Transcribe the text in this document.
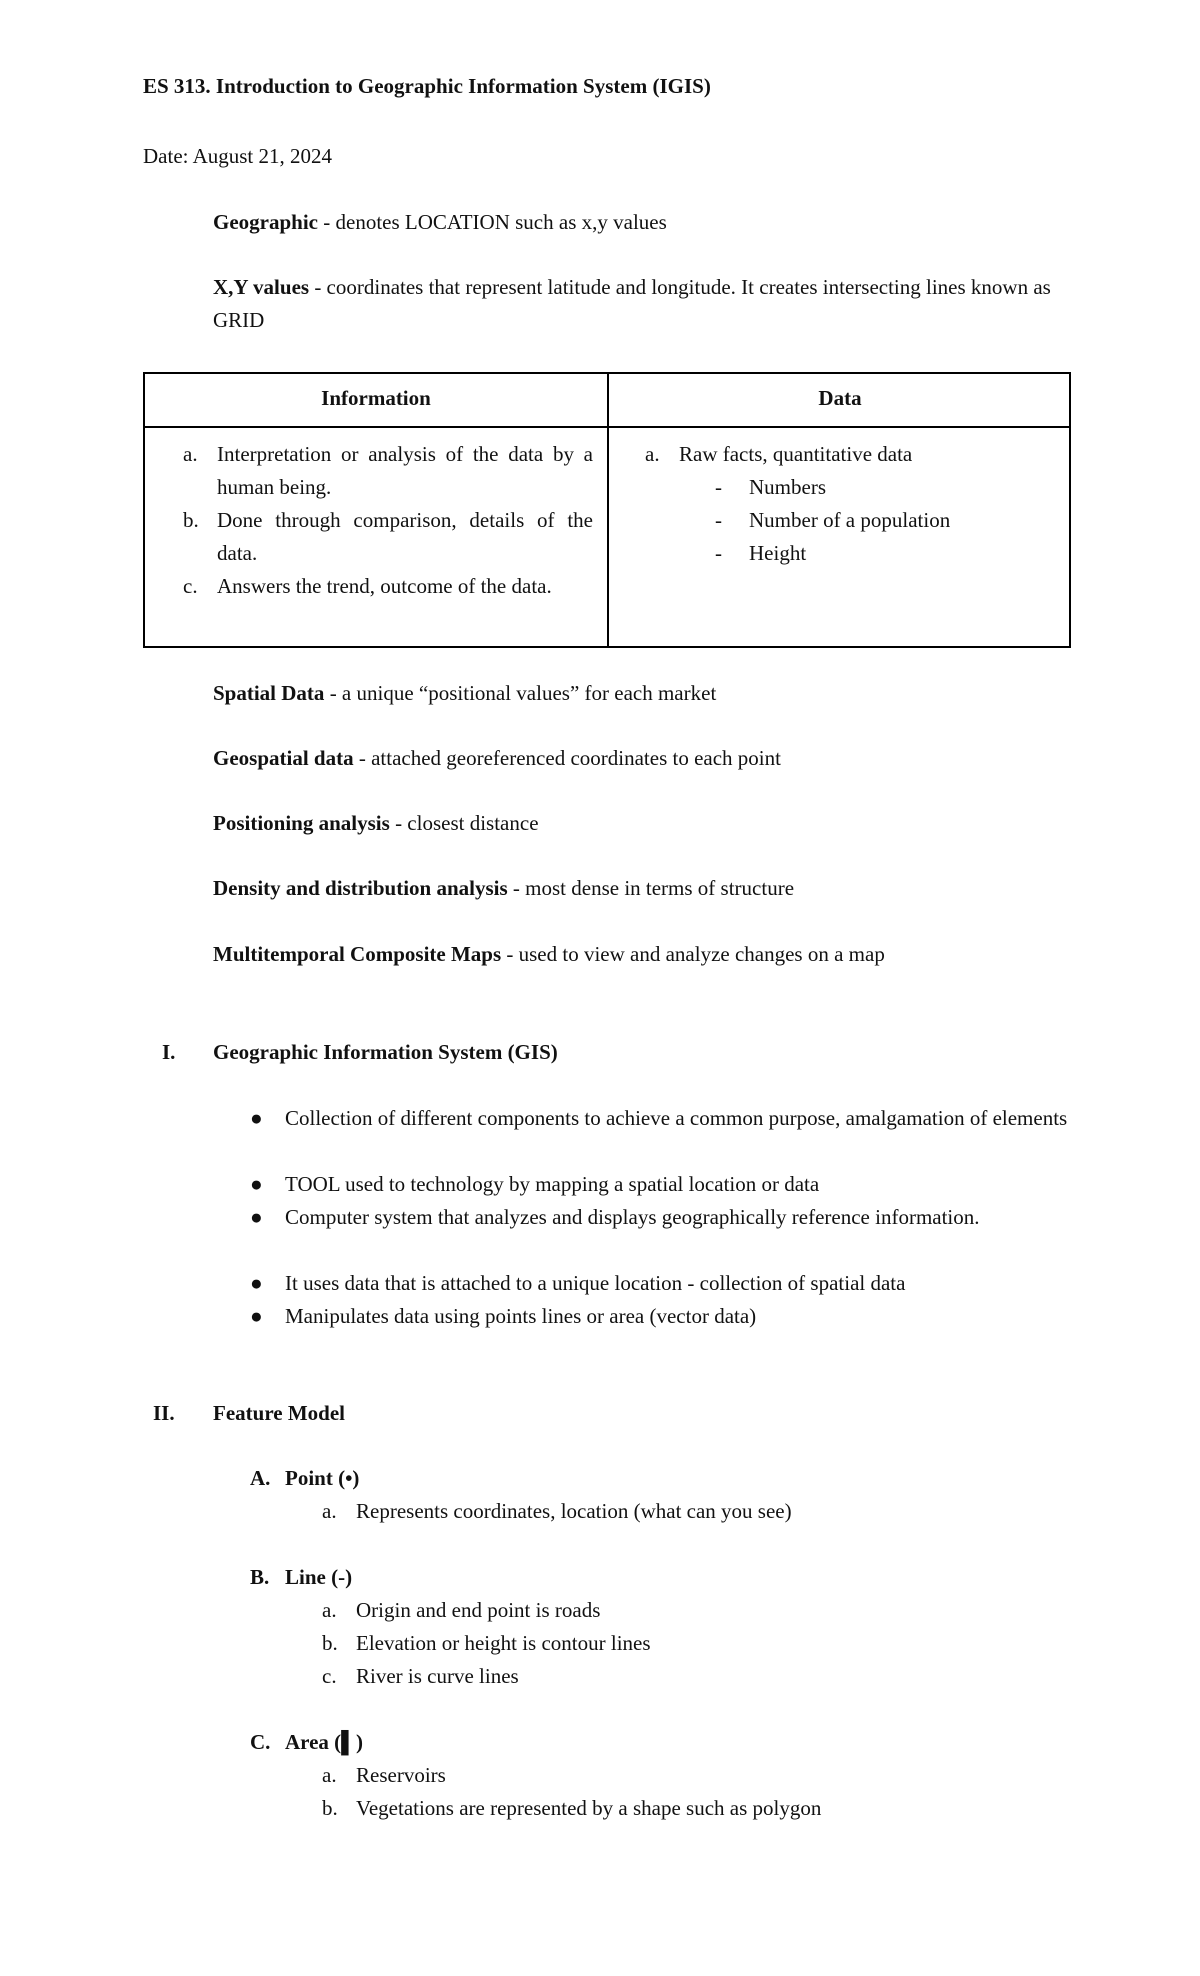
ES 313. Introduction to Geographic Information System (IGIS)
Date: August 21, 2024
Geographic - denotes LOCATION such as x,y values
X,Y values - coordinates that represent latitude and longitude. It creates intersecting lines known as GRID
Information	Data
a. Interpretation or analysis of the data by a human being.
b. Done through comparison, details of the data.
c. Answers the trend, outcome of the data.
a. Raw facts, quantitative data
- Numbers
- Number of a population
- Height
Spatial Data - a unique “positional values” for each market
Geospatial data - attached georeferenced coordinates to each point
Positioning analysis - closest distance
Density and distribution analysis - most dense in terms of structure
Multitemporal Composite Maps - used to view and analyze changes on a map
I. Geographic Information System (GIS)
● Collection of different components to achieve a common purpose, amalgamation of elements
● TOOL used to technology by mapping a spatial location or data
● Computer system that analyzes and displays geographically reference information.
● It uses data that is attached to a unique location - collection of spatial data
● Manipulates data using points lines or area (vector data)
II. Feature Model
A. Point (•)
a. Represents coordinates, location (what can you see)
B. Line (-)
a. Origin and end point is roads
b. Elevation or height is contour lines
c. River is curve lines
C. Area (▌)
a. Reservoirs
b. Vegetations are represented by a shape such as polygon
